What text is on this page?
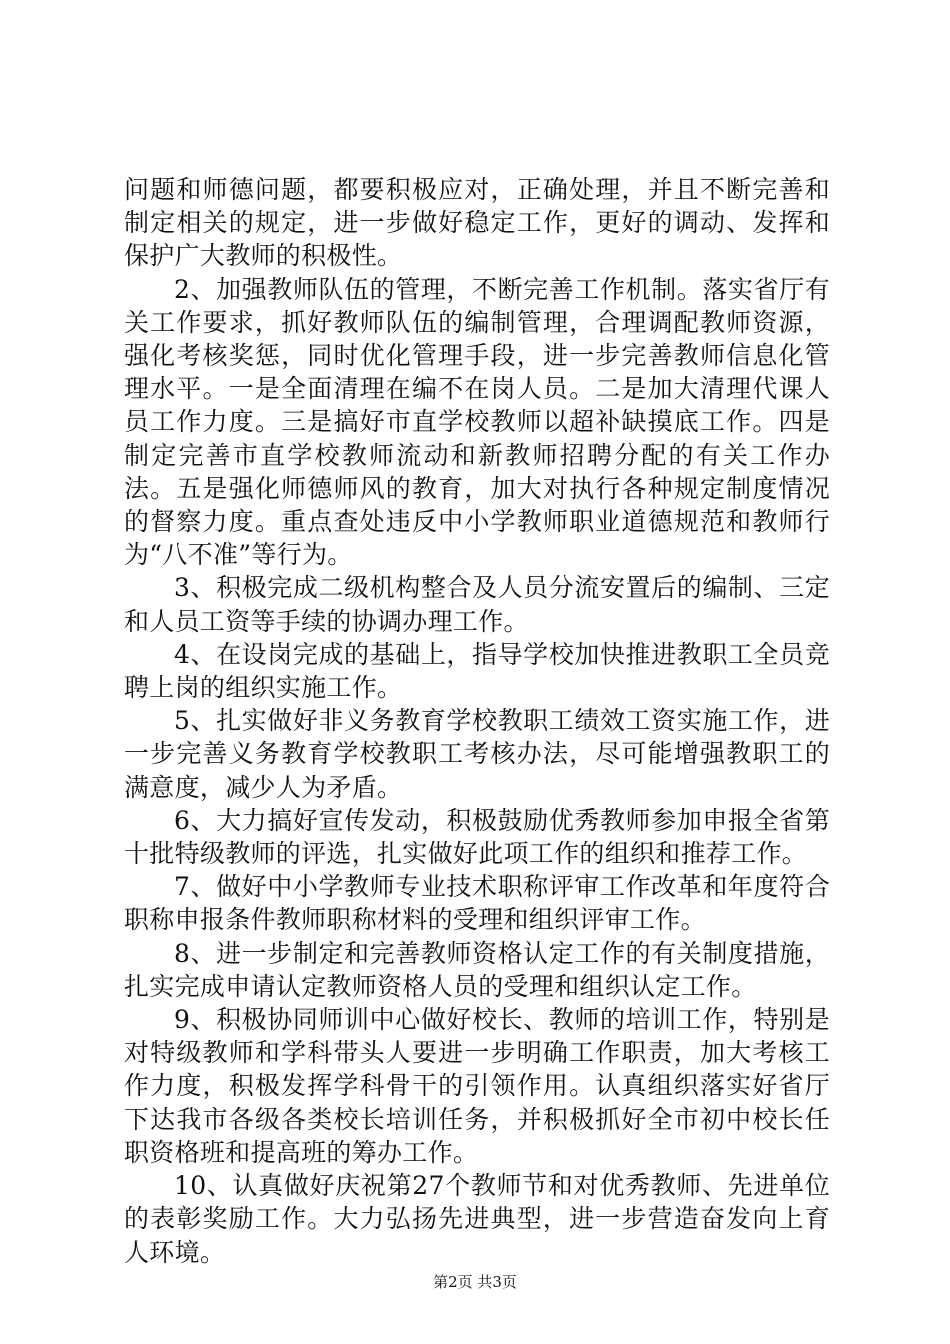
问题和师德问题，都要积极应对，正确处理，并且不断完善和制定相关的规定，进一步做好稳定工作，更好的调动、发挥和保护广大教师的积极性。

2、加强教师队伍的管理，不断完善工作机制。落实省厅有关工作要求，抓好教师队伍的编制管理，合理调配教师资源，强化考核奖惩，同时优化管理手段，进一步完善教师信息化管理水平。一是全面清理在编不在岗人员。二是加大清理代课人员工作力度。三是搞好市直学校教师以超补缺摸底工作。四是制定完善市直学校教师流动和新教师招聘分配的有关工作办法。五是强化师德师风的教育，加大对执行各种规定制度情况的督察力度。重点查处违反中小学教师职业道德规范和教师行为“八不准”等行为。

3、积极完成二级机构整合及人员分流安置后的编制、三定和人员工资等手续的协调办理工作。

4、在设岗完成的基础上，指导学校加快推进教职工全员竞聘上岗的组织实施工作。

5、扎实做好非义务教育学校教职工绩效工资实施工作，进一步完善义务教育学校教职工考核办法，尽可能增强教职工的满意度，减少人为矛盾。

6、大力搞好宣传发动，积极鼓励优秀教师参加申报全省第十批特级教师的评选，扎实做好此项工作的组织和推荐工作。

7、做好中小学教师专业技术职称评审工作改革和年度符合职称申报条件教师职称材料的受理和组织评审工作。

8、进一步制定和完善教师资格认定工作的有关制度措施，扎实完成申请认定教师资格人员的受理和组织认定工作。

9、积极协同师训中心做好校长、教师的培训工作，特别是对特级教师和学科带头人要进一步明确工作职责，加大考核工作力度，积极发挥学科骨干的引领作用。认真组织落实好省厅下达我市各级各类校长培训任务，并积极抓好全市初中校长任职资格班和提高班的筹办工作。

10、认真做好庆祝第27个教师节和对优秀教师、先进单位的表彰奖励工作。大力弘扬先进典型，进一步营造奋发向上育人环境。

第2页 共3页
